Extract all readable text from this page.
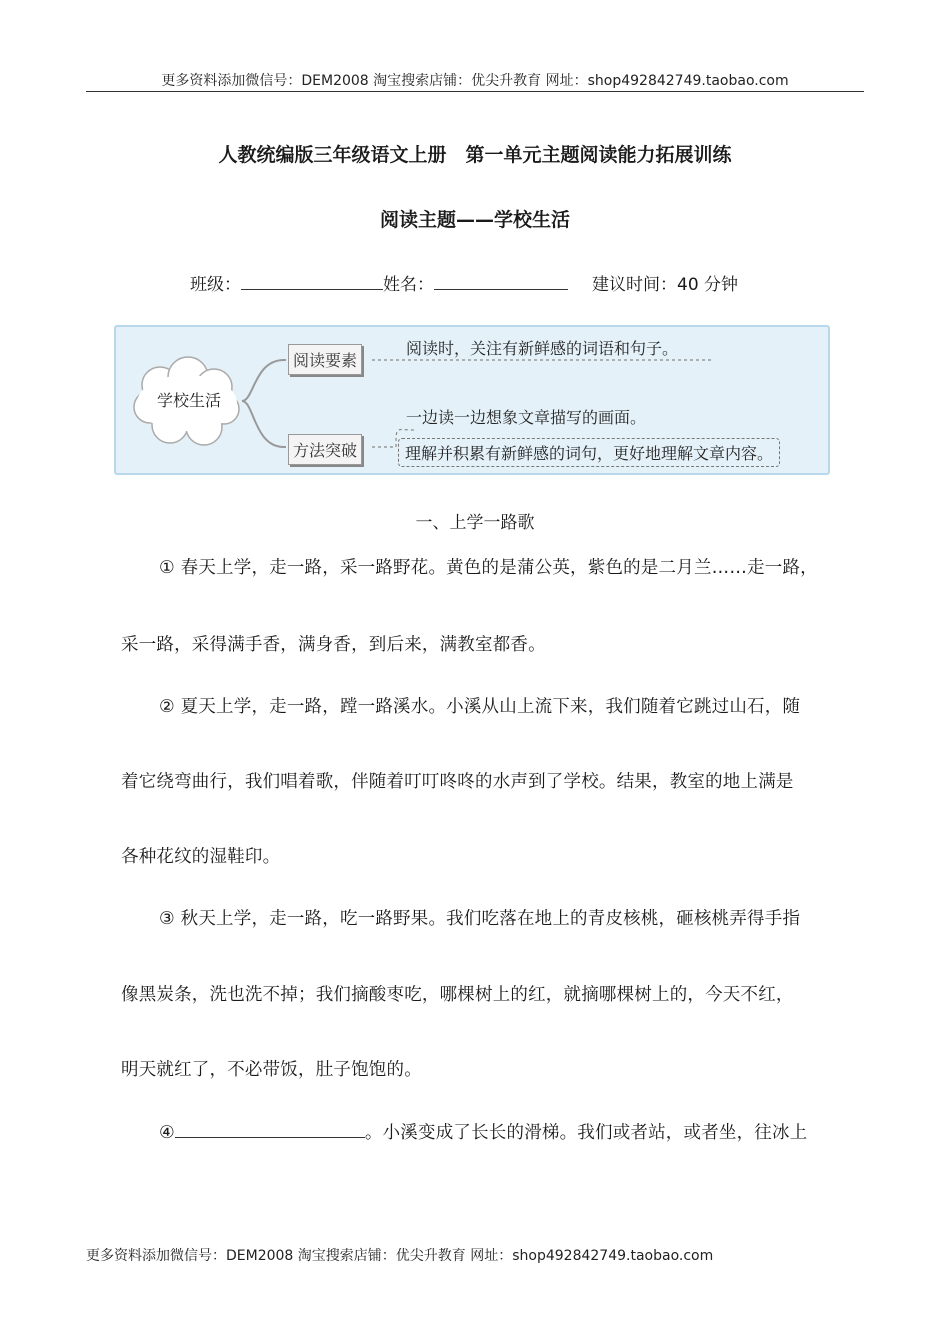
更多资料添加微信号：DEM2008 淘宝搜索店铺：优尖升教育 网址：shop492842749.taobao.com
人教统编版三年级语文上册　第一单元主题阅读能力拓展训练
阅读主题——学校生活
班级：	姓名：	建议时间：40 分钟
学校生活
阅读要素
方法突破
阅读时，关注有新鲜感的词语和句子。
一边读一边想象文章描写的画面。
理解并积累有新鲜感的词句，更好地理解文章内容。
一、上学一路歌
① 春天上学，走一路，采一路野花。黄色的是蒲公英，紫色的是二月兰……走一路，
采一路，采得满手香，满身香，到后来，满教室都香。
② 夏天上学，走一路，蹚一路溪水。小溪从山上流下来，我们随着它跳过山石，随
着它绕弯曲行，我们唱着歌，伴随着叮叮咚咚的水声到了学校。结果，教室的地上满是
各种花纹的湿鞋印。
③ 秋天上学，走一路，吃一路野果。我们吃落在地上的青皮核桃，砸核桃弄得手指
像黑炭条，洗也洗不掉；我们摘酸枣吃，哪棵树上的红，就摘哪棵树上的，今天不红，
明天就红了，不必带饭，肚子饱饱的。
④	。小溪变成了长长的滑梯。我们或者站，或者坐，往冰上
更多资料添加微信号：DEM2008 淘宝搜索店铺：优尖升教育 网址：shop492842749.taobao.com
